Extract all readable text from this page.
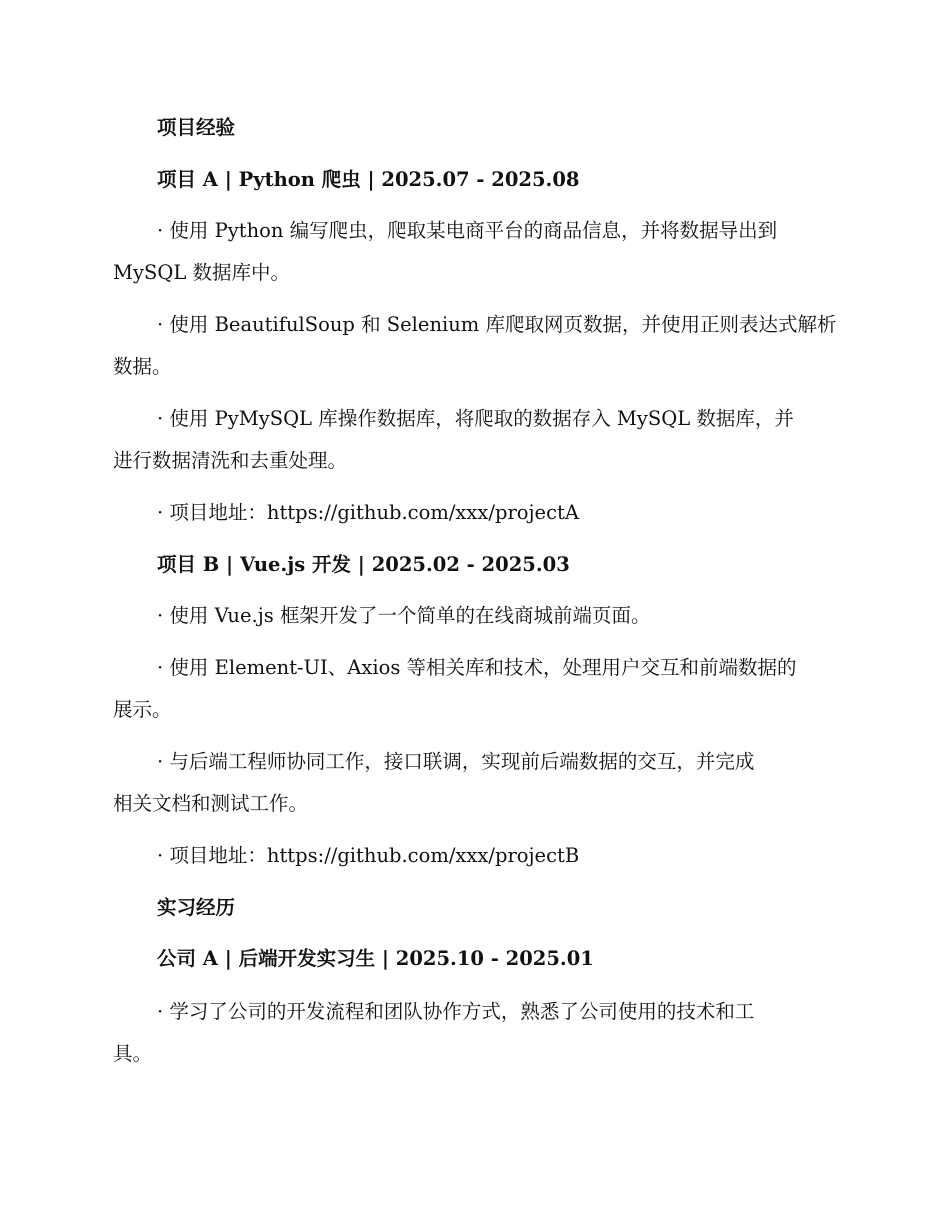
项目经验
项目 A | Python 爬虫 | 2025.07 - 2025.08
· 使用 Python 编写爬虫，爬取某电商平台的商品信息，并将数据导出到
MySQL 数据库中。
· 使用 BeautifulSoup 和 Selenium 库爬取网页数据，并使用正则表达式解析
数据。
· 使用 PyMySQL 库操作数据库，将爬取的数据存入 MySQL 数据库，并
进行数据清洗和去重处理。
· 项目地址：https://github.com/xxx/projectA
项目 B | Vue.js 开发 | 2025.02 - 2025.03
· 使用 Vue.js 框架开发了一个简单的在线商城前端页面。
· 使用 Element-UI、Axios 等相关库和技术，处理用户交互和前端数据的
展示。
· 与后端工程师协同工作，接口联调，实现前后端数据的交互，并完成
相关文档和测试工作。
· 项目地址：https://github.com/xxx/projectB
实习经历
公司 A | 后端开发实习生 | 2025.10 - 2025.01
· 学习了公司的开发流程和团队协作方式，熟悉了公司使用的技术和工
具。
